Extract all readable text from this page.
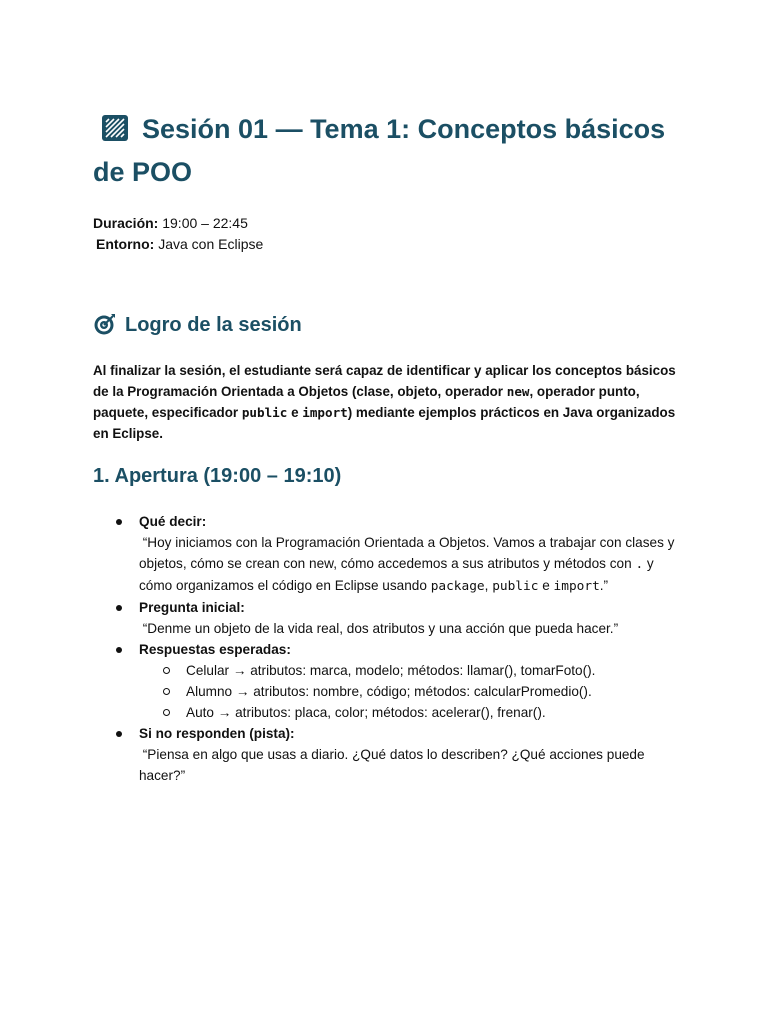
Sesión 01 — Tema 1: Conceptos básicos de POO
Duración: 19:00 – 22:45
Entorno: Java con Eclipse
Logro de la sesión

Al finalizar la sesión, el estudiante será capaz de identificar y aplicar los conceptos básicos de la Programación Orientada a Objetos (clase, objeto, operador new, operador punto, paquete, especificador public e import) mediante ejemplos prácticos en Java organizados en Eclipse.

1. Apertura (19:00 – 19:10)
Qué decir:
“Hoy iniciamos con la Programación Orientada a Objetos. Vamos a trabajar con clases y objetos, cómo se crean con new, cómo accedemos a sus atributos y métodos con . y cómo organizamos el código en Eclipse usando package, public e import.”
Pregunta inicial:
“Denme un objeto de la vida real, dos atributos y una acción que pueda hacer.”
Respuestas esperadas:
Celular → atributos: marca, modelo; métodos: llamar(), tomarFoto().
Alumno → atributos: nombre, código; métodos: calcularPromedio().
Auto → atributos: placa, color; métodos: acelerar(), frenar().
Si no responden (pista):
“Piensa en algo que usas a diario. ¿Qué datos lo describen? ¿Qué acciones puede hacer?”
